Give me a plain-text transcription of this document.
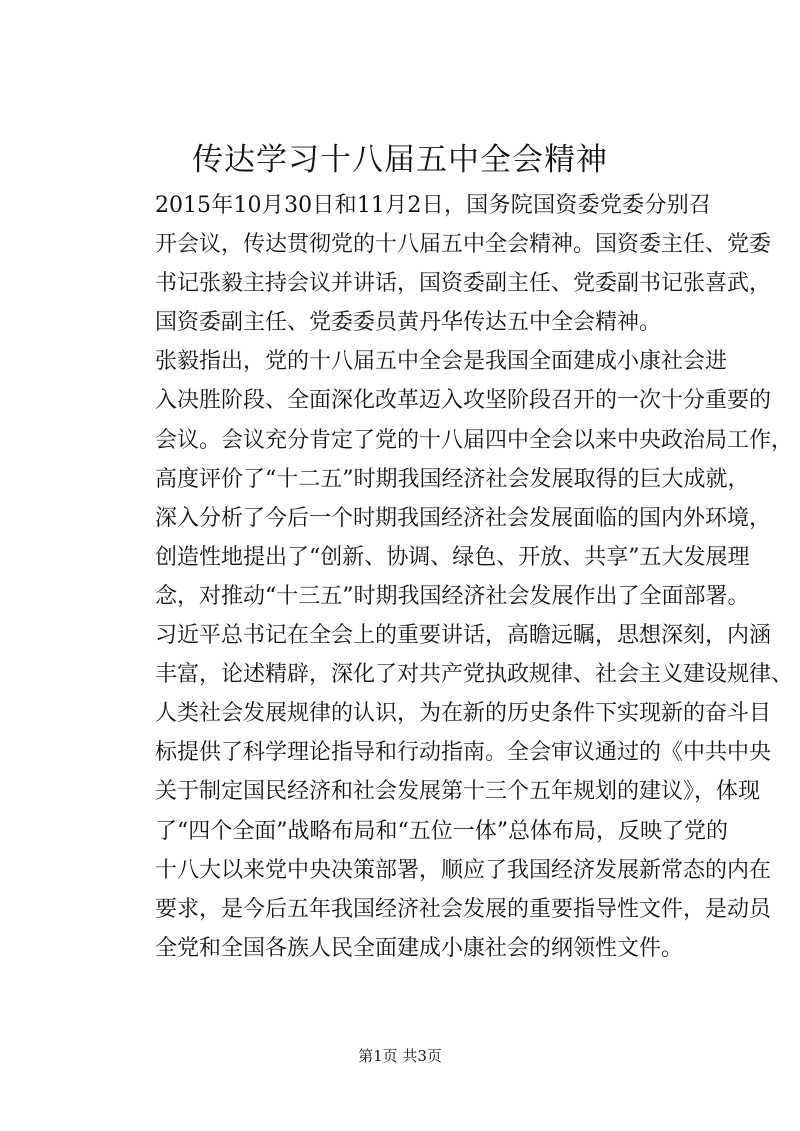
传达学习十八届五中全会精神

2015年10月30日和11月2日，国务院国资委党委分别召
开会议，传达贯彻党的十八届五中全会精神。国资委主任、党委
书记张毅主持会议并讲话，国资委副主任、党委副书记张喜武，
国资委副主任、党委委员黄丹华传达五中全会精神。

张毅指出，党的十八届五中全会是我国全面建成小康社会进
入决胜阶段、全面深化改革迈入攻坚阶段召开的一次十分重要的
会议。会议充分肯定了党的十八届四中全会以来中央政治局工作，
高度评价了“十二五”时期我国经济社会发展取得的巨大成就，
深入分析了今后一个时期我国经济社会发展面临的国内外环境，
创造性地提出了“创新、协调、绿色、开放、共享”五大发展理
念，对推动“十三五”时期我国经济社会发展作出了全面部署。
习近平总书记在全会上的重要讲话，高瞻远瞩，思想深刻，内涵
丰富，论述精辟，深化了对共产党执政规律、社会主义建设规律、
人类社会发展规律的认识，为在新的历史条件下实现新的奋斗目
标提供了科学理论指导和行动指南。全会审议通过的《中共中央
关于制定国民经济和社会发展第十三个五年规划的建议》，体现
了“四个全面”战略布局和“五位一体”总体布局，反映了党的
十八大以来党中央决策部署，顺应了我国经济发展新常态的内在
要求，是今后五年我国经济社会发展的重要指导性文件，是动员
全党和全国各族人民全面建成小康社会的纲领性文件。

第1页 共3页
